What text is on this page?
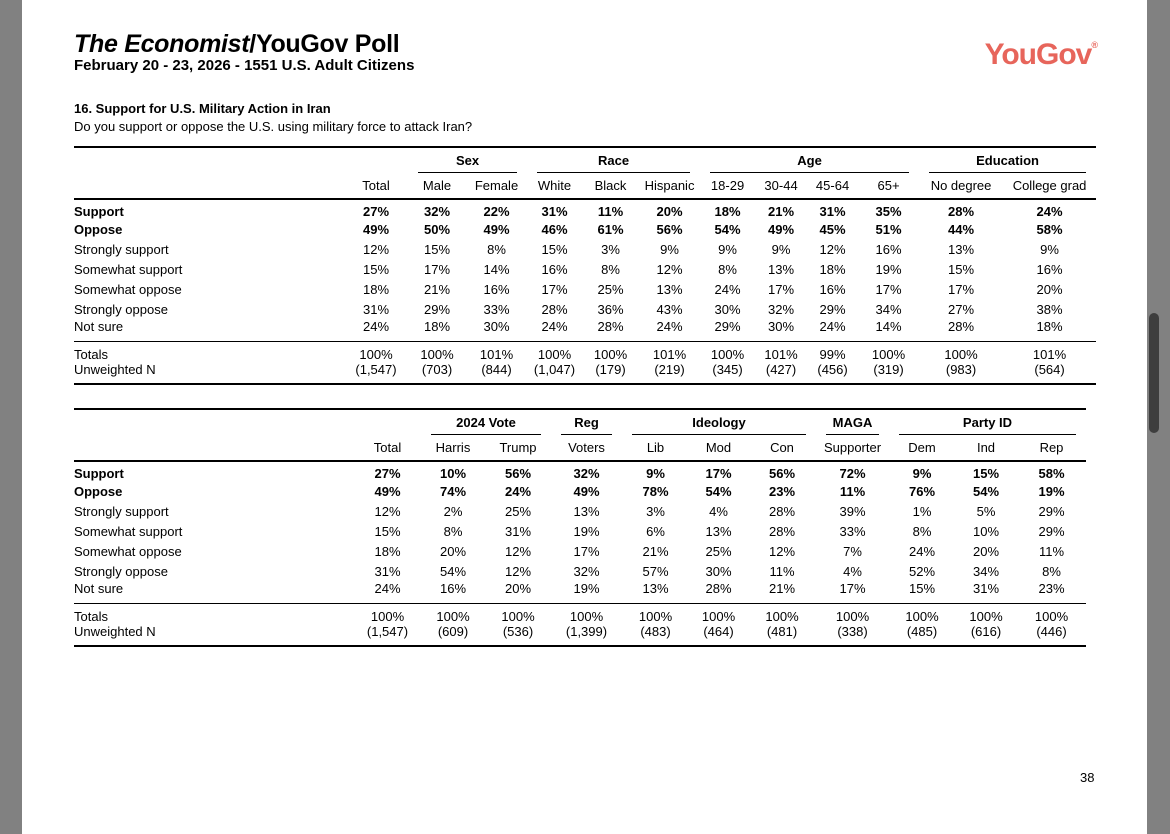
The Economist/YouGov Poll
February 20 - 23, 2026 - 1551 U.S. Adult Citizens	YouGov®
16. Support for U.S. Military Action in Iran
Do you support or oppose the U.S. using military force to attack Iran?

		Sex		Race			Age				Education	

	Total	Male	Female	White	Black	Hispanic	18-29	30-44	45-64	65+	No degree	College grad
Support	27%	32%	22%	31%	11%	20%	18%	21%	31%	35%	28%	24%
Oppose	49%	50%	49%	46%	61%	56%	54%	49%	45%	51%	44%	58%
Strongly support	12%	15%	8%	15%	3%	9%	9%	9%	12%	16%	13%	9%
Somewhat support	15%	17%	14%	16%	8%	12%	8%	13%	18%	19%	15%	16%
Somewhat oppose	18%	21%	16%	17%	25%	13%	24%	17%	16%	17%	17%	20%
Strongly oppose	31%	29%	33%	28%	36%	43%	30%	32%	29%	34%	27%	38%
Not sure	24%	18%	30%	24%	28%	24%	29%	30%	24%	14%	28%	18%
Totals	100%	100%	101%	100%	100%	101%	100%	101%	99%	100%	100%	101%
Unweighted N	(1,547)	(703)	(844)	(1,047)	(179)	(219)	(345)	(427)	(456)	(319)	(983)	(564)

		2024 Vote		Reg	Ideology			MAGA	Party ID		

	Total	Harris	Trump	Voters	Lib	Mod	Con	Supporter	Dem	Ind	Rep
Support	27%	10%	56%	32%	9%	17%	56%	72%	9%	15%	58%
Oppose	49%	74%	24%	49%	78%	54%	23%	11%	76%	54%	19%
Strongly support	12%	2%	25%	13%	3%	4%	28%	39%	1%	5%	29%
Somewhat support	15%	8%	31%	19%	6%	13%	28%	33%	8%	10%	29%
Somewhat oppose	18%	20%	12%	17%	21%	25%	12%	7%	24%	20%	11%
Strongly oppose	31%	54%	12%	32%	57%	30%	11%	4%	52%	34%	8%
Not sure	24%	16%	20%	19%	13%	28%	21%	17%	15%	31%	23%
Totals	100%	100%	100%	100%	100%	100%	100%	100%	100%	100%	100%
Unweighted N	(1,547)	(609)	(536)	(1,399)	(483)	(464)	(481)	(338)	(485)	(616)	(446)
38
